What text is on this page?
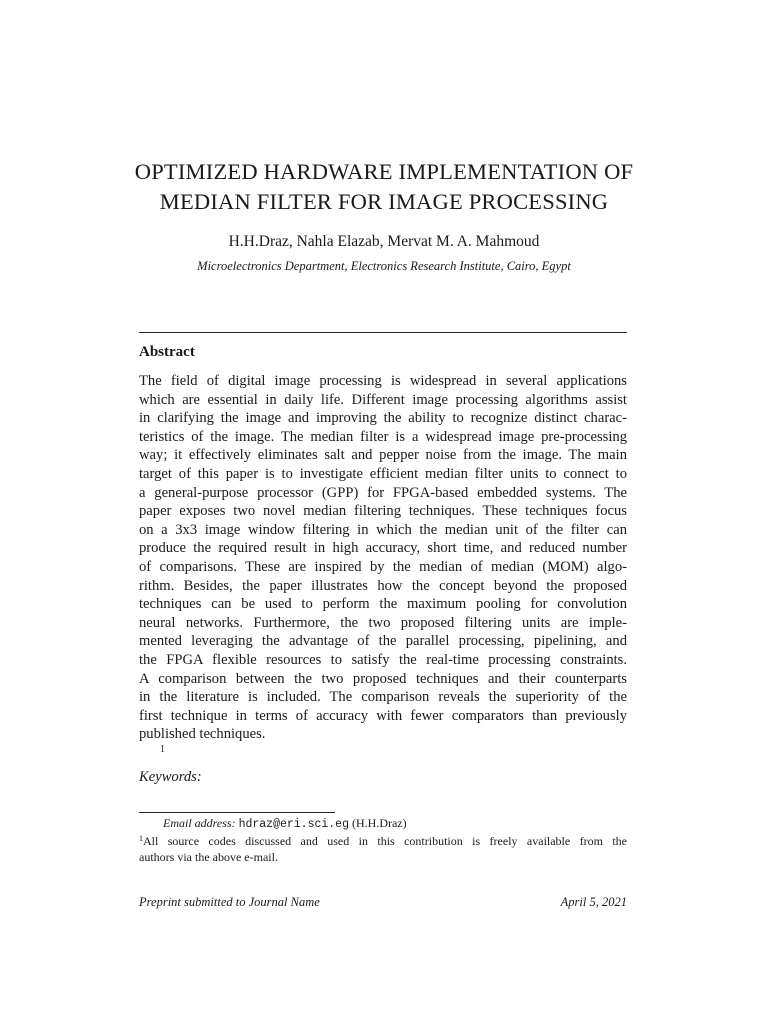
OPTIMIZED HARDWARE IMPLEMENTATION OF
MEDIAN FILTER FOR IMAGE PROCESSING
H.H.Draz, Nahla Elazab, Mervat M. A. Mahmoud
Microelectronics Department, Electronics Research Institute, Cairo, Egypt
Abstract
The field of digital image processing is widespread in several applications
which are essential in daily life. Different image processing algorithms assist
in clarifying the image and improving the ability to recognize distinct charac-
teristics of the image. The median filter is a widespread image pre-processing
way; it effectively eliminates salt and pepper noise from the image. The main
target of this paper is to investigate efficient median filter units to connect to
a general-purpose processor (GPP) for FPGA-based embedded systems. The
paper exposes two novel median filtering techniques. These techniques focus
on a 3x3 image window filtering in which the median unit of the filter can
produce the required result in high accuracy, short time, and reduced number
of comparisons. These are inspired by the median of median (MOM) algo-
rithm. Besides, the paper illustrates how the concept beyond the proposed
techniques can be used to perform the maximum pooling for convolution
neural networks. Furthermore, the two proposed filtering units are imple-
mented leveraging the advantage of the parallel processing, pipelining, and
the FPGA flexible resources to satisfy the real-time processing constraints.
A comparison between the two proposed techniques and their counterparts
in the literature is included. The comparison reveals the superiority of the
first technique in terms of accuracy with fewer comparators than previously
published techniques.
1
Keywords:
Email address: hdraz@eri.sci.eg (H.H.Draz)
$^1$All source codes discussed and used in this contribution is freely available from the
authors via the above e-mail.
Preprint submitted to Journal Name	April 5, 2021
